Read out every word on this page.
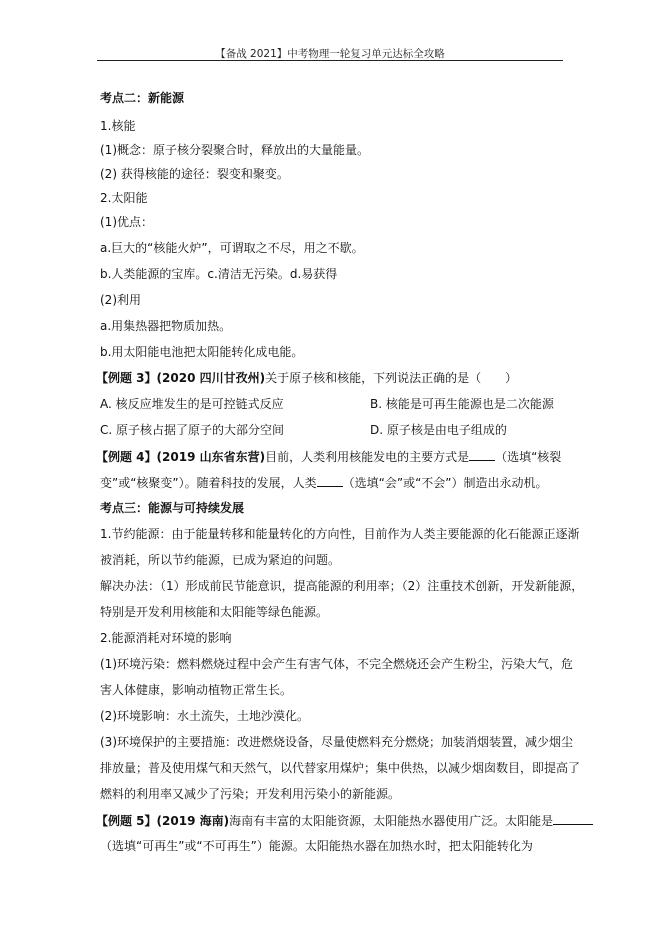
【备战 2021】中考物理一轮复习单元达标全攻略
考点二：新能源
1.核能
(1)概念：原子核分裂聚合时，释放出的大量能量。
(2) 获得核能的途径：裂变和聚变。
2.太阳能
(1)优点：
a.巨大的“核能火炉”，可谓取之不尽，用之不歇。
b.人类能源的宝库。c.清洁无污染。d.易获得
(2)利用
a.用集热器把物质加热。
b.用太阳能电池把太阳能转化成电能。
【例题 3】(2020 四川甘孜州)关于原子核和核能，下列说法正确的是（　　）
A. 核反应堆发生的是可控链式反应	B. 核能是可再生能源也是二次能源
C. 原子核占据了原子的大部分空间	D. 原子核是由电子组成的
【例题 4】(2019 山东省东营)目前，人类利用核能发电的主要方式是 （选填“核裂
变”或“核聚变”）。随着科技的发展，人类 （选填“会”或“不会”）制造出永动机。
考点三：能源与可持续发展
1.节约能源：由于能量转移和能量转化的方向性，目前作为人类主要能源的化石能源正逐渐
被消耗，所以节约能源，已成为紧迫的问题。
解决办法：（1）形成前民节能意识，提高能源的利用率；（2）注重技术创新，开发新能源，
特别是开发利用核能和太阳能等绿色能源。
2.能源消耗对环境的影响
(1)环境污染：燃料燃烧过程中会产生有害气体，不完全燃烧还会产生粉尘，污染大气，危
害人体健康，影响动植物正常生长。
(2)环境影响：水土流失，土地沙漠化。
(3)环境保护的主要措施：改进燃烧设备，尽量使燃料充分燃烧；加装消烟装置，减少烟尘
排放量；普及使用煤气和天然气，以代替家用煤炉；集中供热，以减少烟囱数目，即提高了
燃料的利用率又减少了污染；开发利用污染小的新能源。
【例题 5】(2019 海南)海南有丰富的太阳能资源，太阳能热水器使用广泛。太阳能是
（选填“可再生”或“不可再生”）能源。太阳能热水器在加热水时，把太阳能转化为
